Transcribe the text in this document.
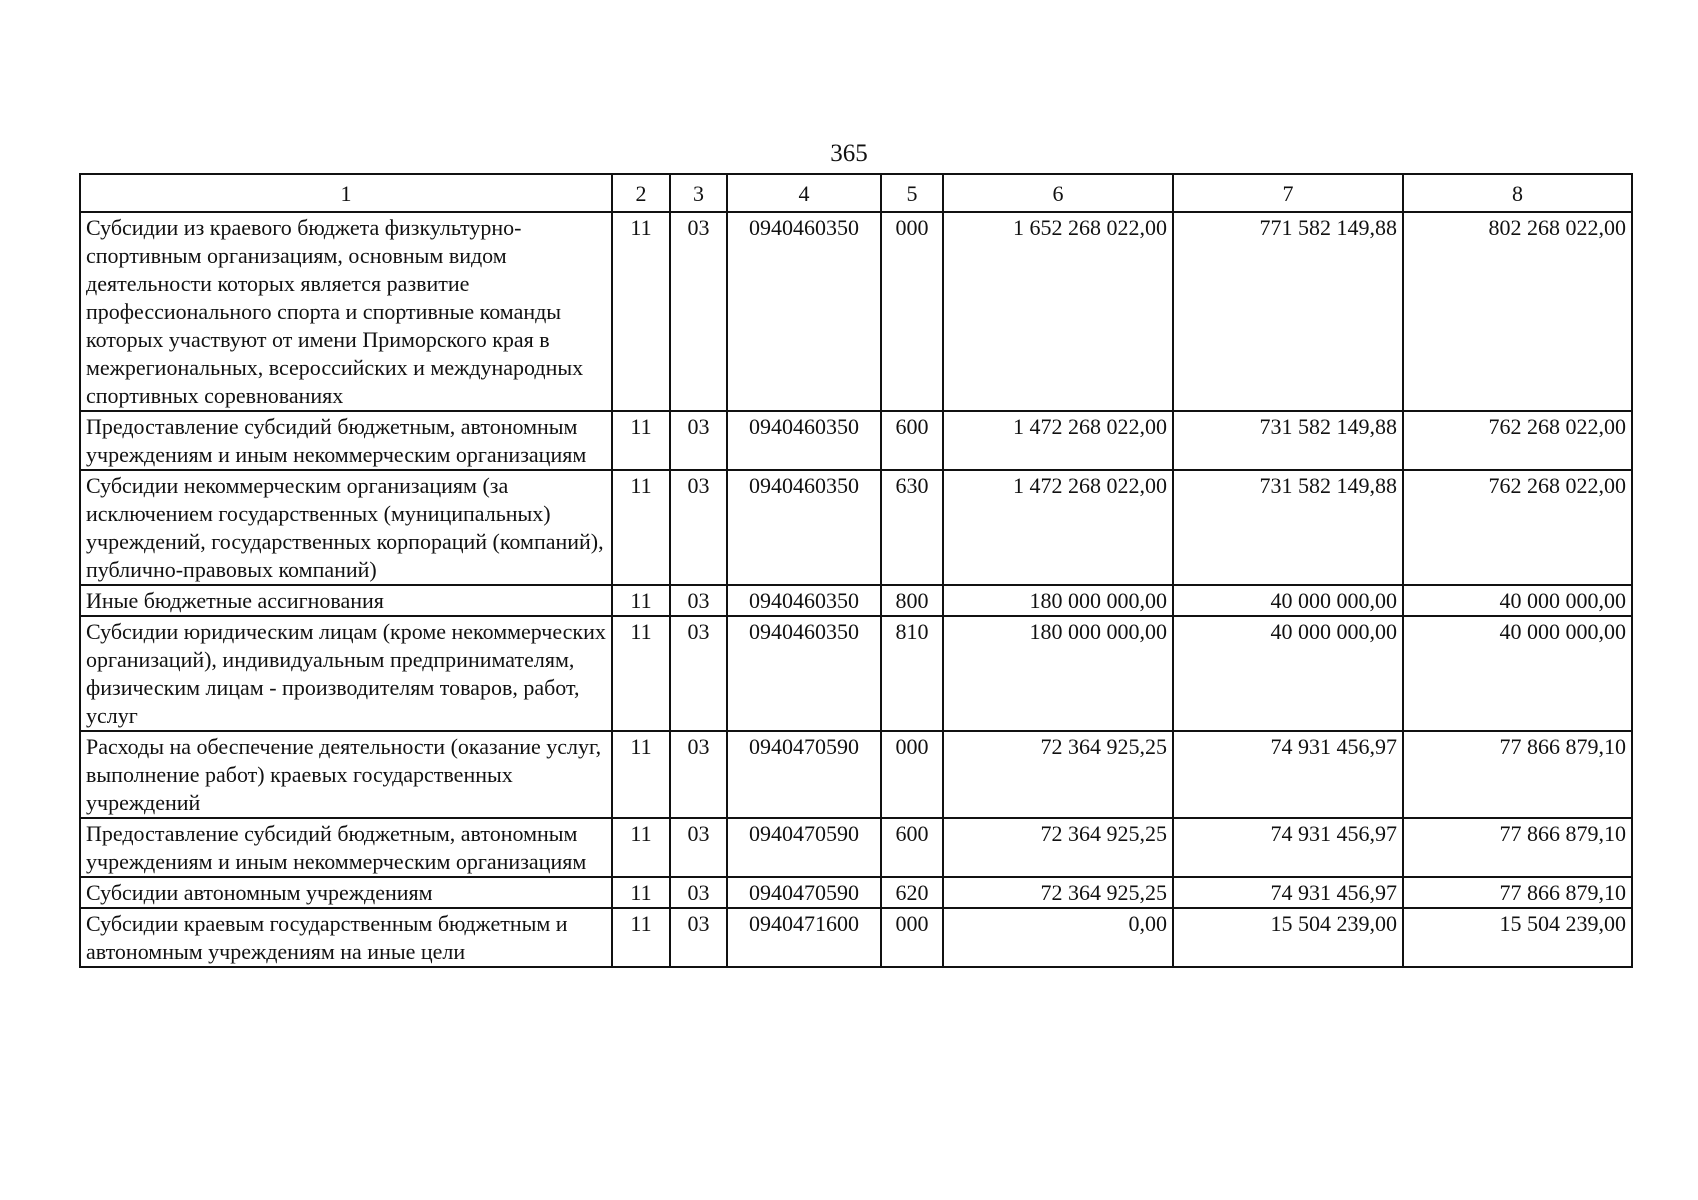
365
1	2	3	4	5	6	7	8
Субсидии из краевого бюджета физкультурно-спортивным организациям, основным видом деятельности которых является развитие профессионального спорта и спортивные команды которых участвуют от имени Приморского края в межрегиональных, всероссийских и международных спортивных соревнованиях	11	03	0940460350	000	1 652 268 022,00	771 582 149,88	802 268 022,00
Предоставление субсидий бюджетным, автономным учреждениям и иным некоммерческим организациям	11	03	0940460350	600	1 472 268 022,00	731 582 149,88	762 268 022,00
Субсидии некоммерческим организациям (за исключением государственных (муниципальных) учреждений, государственных корпораций (компаний), публично-правовых компаний)	11	03	0940460350	630	1 472 268 022,00	731 582 149,88	762 268 022,00
Иные бюджетные ассигнования	11	03	0940460350	800	180 000 000,00	40 000 000,00	40 000 000,00
Субсидии юридическим лицам (кроме некоммерческих организаций), индивидуальным предпринимателям, физическим лицам - производителям товаров, работ, услуг	11	03	0940460350	810	180 000 000,00	40 000 000,00	40 000 000,00
Расходы на обеспечение деятельности (оказание услуг, выполнение работ) краевых государственных учреждений	11	03	0940470590	000	72 364 925,25	74 931 456,97	77 866 879,10
Предоставление субсидий бюджетным, автономным учреждениям и иным некоммерческим организациям	11	03	0940470590	600	72 364 925,25	74 931 456,97	77 866 879,10
Субсидии автономным учреждениям	11	03	0940470590	620	72 364 925,25	74 931 456,97	77 866 879,10
Субсидии краевым государственным бюджетным и автономным учреждениям на иные цели	11	03	0940471600	000	0,00	15 504 239,00	15 504 239,00
